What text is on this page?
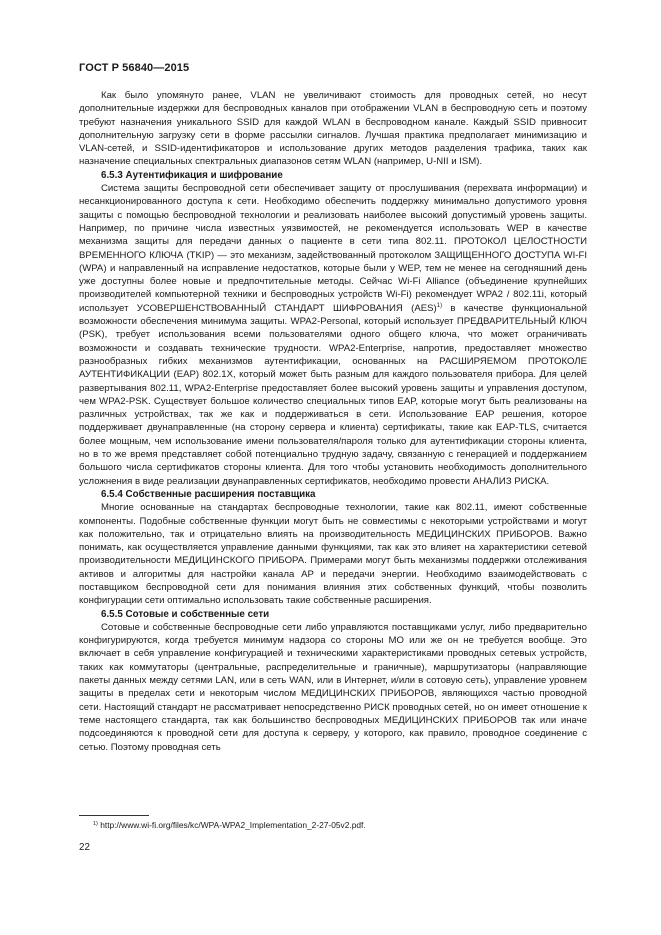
ГОСТ Р 56840—2015

Как было упомянуто ранее, VLAN не увеличивают стоимость для проводных сетей, но несут дополнительные издержки для беспроводных каналов при отображении VLAN в беспроводную сеть и поэтому требуют назначения уникального SSID для каждой WLAN в беспроводном канале. Каждый SSID привносит дополнительную загрузку сети в форме рассылки сигналов. Лучшая практика предполагает минимизацию и VLAN-сетей, и SSID-идентификаторов и использование других методов разделения трафика, таких как назначение специальных спектральных диапазонов сетям WLAN (например, U-NII и ISM).

6.5.3 Аутентификация и шифрование

Система защиты беспроводной сети обеспечивает защиту от прослушивания (перехвата информации) и несанкционированного доступа к сети. Необходимо обеспечить поддержку минимально допустимого уровня защиты с помощью беспроводной технологии и реализовать наиболее высокий допустимый уровень защиты. Например, по причине числа известных уязвимостей, не рекомендуется использовать WEP в качестве механизма защиты для передачи данных о пациенте в сети типа 802.11. ПРОТОКОЛ ЦЕЛОСТНОСТИ ВРЕМЕННОГО КЛЮЧА (TKIP) — это механизм, задействованный протоколом ЗАЩИЩЕННОГО ДОСТУПА WI-FI (WPA) и направленный на исправление недостатков, которые были у WEP, тем не менее на сегодняшний день уже доступны более новые и предпочтительные методы. Сейчас Wi-Fi Alliance (объединение крупнейших производителей компьютерной техники и беспроводных устройств Wi-Fi) рекомендует WPA2 / 802.11i, который использует УСОВЕРШЕНСТВОВАННЫЙ СТАНДАРТ ШИФРОВАНИЯ (AES)$^{1)}$ в качестве функциональной возможности обеспечения минимума защиты. WPA2-Personal, который использует ПРЕДВАРИТЕЛЬНЫЙ КЛЮЧ (PSK), требует использования всеми пользователями одного общего ключа, что может ограничивать возможности и создавать технические трудности. WPA2-Enterprise, напротив, предоставляет множество разнообразных гибких механизмов аутентификации, основанных на РАСШИРЯЕМОМ ПРОТОКОЛЕ АУТЕНТИФИКАЦИИ (EAP) 802.1X, который может быть разным для каждого пользователя прибора. Для целей развертывания 802.11, WPA2-Enterprise предоставляет более высокий уровень защиты и управления доступом, чем WPA2-PSK. Существует большое количество специальных типов EAP, которые могут быть реализованы на различных устройствах, так же как и поддерживаться в сети. Использование EAP решения, которое поддерживает двунаправленные (на сторону сервера и клиента) сертификаты, такие как EAP-TLS, считается более мощным, чем использование имени пользователя/пароля только для аутентификации стороны клиента, но в то же время представляет собой потенциально трудную задачу, связанную с генерацией и поддержанием большого числа сертификатов стороны клиента. Для того чтобы установить необходимость дополнительного усложнения в виде реализации двунаправленных сертификатов, необходимо провести АНАЛИЗ РИСКА.

6.5.4 Собственные расширения поставщика

Многие основанные на стандартах беспроводные технологии, такие как 802.11, имеют собственные компоненты. Подобные собственные функции могут быть не совместимы с некоторыми устройствами и могут как положительно, так и отрицательно влиять на производительность МЕДИЦИНСКИХ ПРИБОРОВ. Важно понимать, как осуществляется управление данными функциями, так как это влияет на характеристики сетевой производительности МЕДИЦИНСКОГО ПРИБОРА. Примерами могут быть механизмы поддержки отслеживания активов и алгоритмы для настройки канала AP и передачи энергии. Необходимо взаимодействовать с поставщиком беспроводной сети для понимания влияния этих собственных функций, чтобы позволить конфигурации сети оптимально использовать такие собственные расширения.

6.5.5 Сотовые и собственные сети

Сотовые и собственные беспроводные сети либо управляются поставщиками услуг, либо предварительно конфигурируются, когда требуется минимум надзора со стороны МО или же он не требуется вообще. Это включает в себя управление конфигурацией и техническими характеристиками проводных сетевых устройств, таких как коммутаторы (центральные, распределительные и граничные), маршрутизаторы (направляющие пакеты данных между сетями LAN, или в сеть WAN, или в Интернет, и/или в сотовую сеть), управление уровнем защиты в пределах сети и некоторым числом МЕДИЦИНСКИХ ПРИБОРОВ, являющихся частью проводной сети. Настоящий стандарт не рассматривает непосредственно РИСК проводных сетей, но он имеет отношение к теме настоящего стандарта, так как большинство беспроводных МЕДИЦИНСКИХ ПРИБОРОВ так или иначе подсоединяются к проводной сети для доступа к серверу, у которого, как правило, проводное соединение с сетью. Поэтому проводная сеть

$^{1)}$ http://www.wi-fi.org/files/kc/WPA-WPA2_Implementation_2-27-05v2.pdf.
22
